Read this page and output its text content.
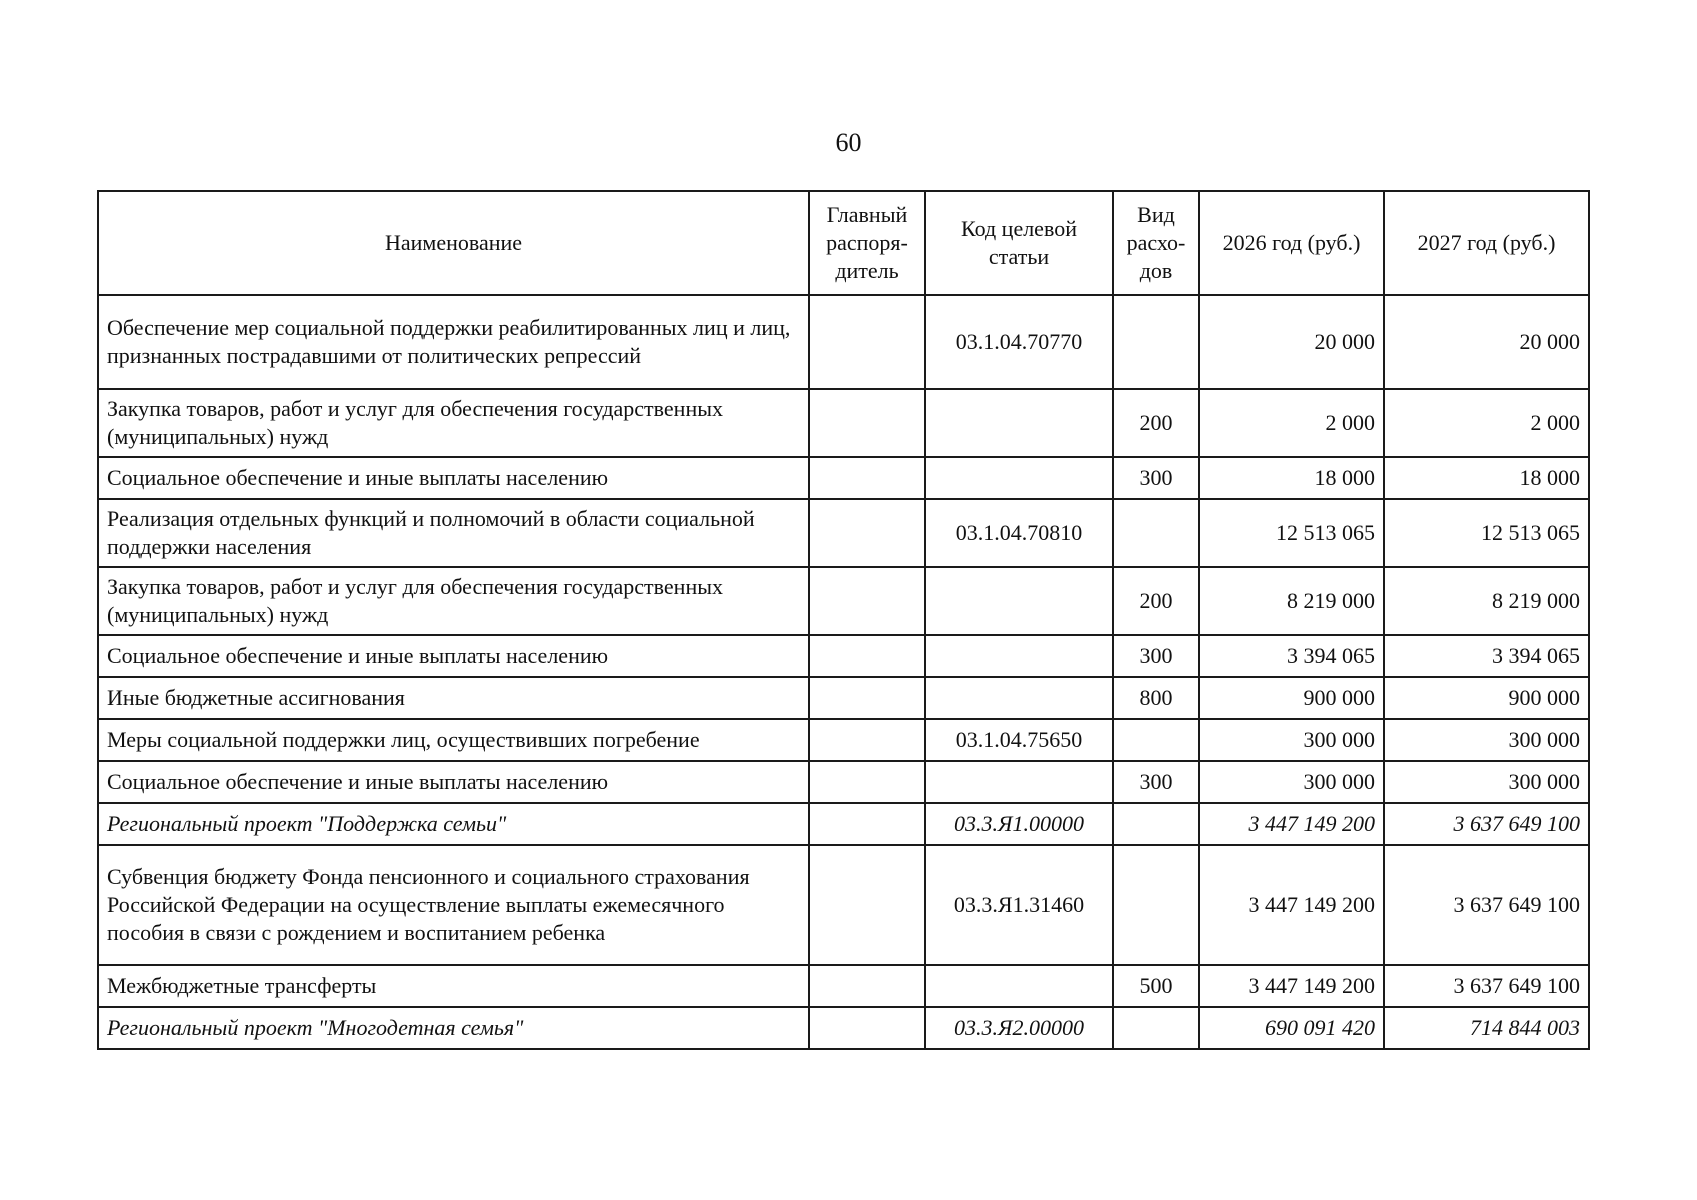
60
Наименование	Главный распоря-дитель	Код целевой статьи	Вид расхо-дов	2026 год (руб.)	2027 год (руб.)
Обеспечение мер социальной поддержки реабилитированных лиц и лиц, признанных пострадавшими от политических репрессий		03.1.04.70770		20 000	20 000
Закупка товаров, работ и услуг для обеспечения государственных (муниципальных) нужд			200	2 000	2 000
Социальное обеспечение и иные выплаты населению			300	18 000	18 000
Реализация отдельных функций и полномочий в области социальной поддержки населения		03.1.04.70810		12 513 065	12 513 065
Закупка товаров, работ и услуг для обеспечения государственных (муниципальных) нужд			200	8 219 000	8 219 000
Социальное обеспечение и иные выплаты населению			300	3 394 065	3 394 065
Иные бюджетные ассигнования			800	900 000	900 000
Меры социальной поддержки лиц, осуществивших погребение		03.1.04.75650		300 000	300 000
Социальное обеспечение и иные выплаты населению			300	300 000	300 000
Региональный проект "Поддержка семьи"		03.3.Я1.00000		3 447 149 200	3 637 649 100
Субвенция бюджету Фонда пенсионного и социального страхования Российской Федерации на осуществление выплаты ежемесячного пособия в связи с рождением и воспитанием ребенка		03.3.Я1.31460		3 447 149 200	3 637 649 100
Межбюджетные трансферты			500	3 447 149 200	3 637 649 100
Региональный проект "Многодетная семья"		03.3.Я2.00000		690 091 420	714 844 003
